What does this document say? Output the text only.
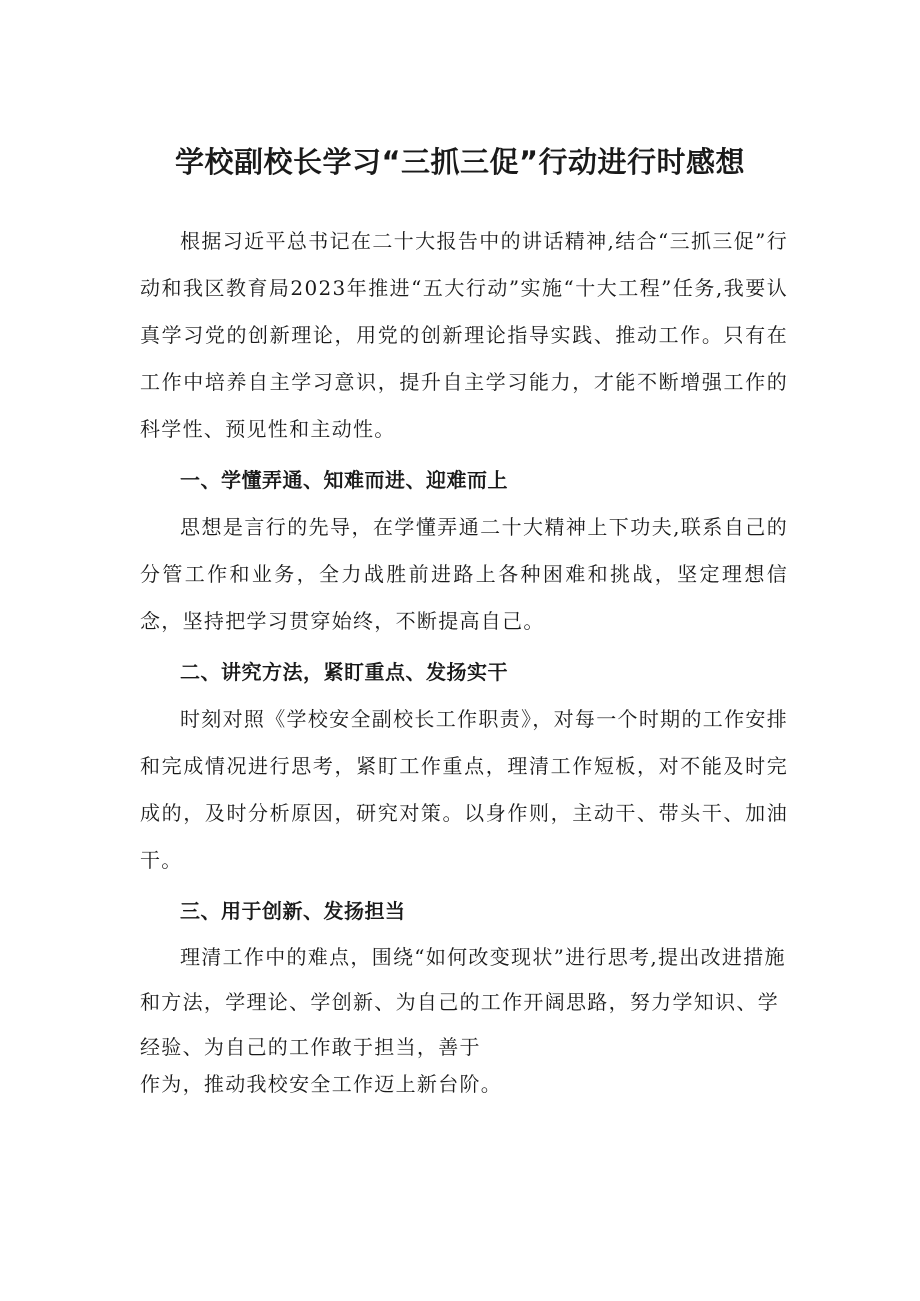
学校副校长学习“三抓三促”行动进行时感想

根据习近平总书记在二十大报告中的讲话精神,结合“三抓三促”行动和我区教育局2023年推进“五大行动”实施“十大工程”任务,我要认真学习党的创新理论，用党的创新理论指导实践、推动工作。只有在工作中培养自主学习意识，提升自主学习能力，才能不断增强工作的科学性、预见性和主动性。

一、学懂弄通、知难而进、迎难而上

思想是言行的先导，在学懂弄通二十大精神上下功夫,联系自己的分管工作和业务，全力战胜前进路上各种困难和挑战，坚定理想信念，坚持把学习贯穿始终，不断提高自己。

二、讲究方法，紧盯重点、发扬实干

时刻对照《学校安全副校长工作职责》，对每一个时期的工作安排和完成情况进行思考，紧盯工作重点，理清工作短板，对不能及时完成的，及时分析原因，研究对策。以身作则，主动干、带头干、加油干。

三、用于创新、发扬担当

理清工作中的难点，围绕“如何改变现状”进行思考,提出改进措施和方法，学理论、学创新、为自己的工作开阔思路，努力学知识、学经验、为自己的工作敢于担当，善于

作为，推动我校安全工作迈上新台阶。
